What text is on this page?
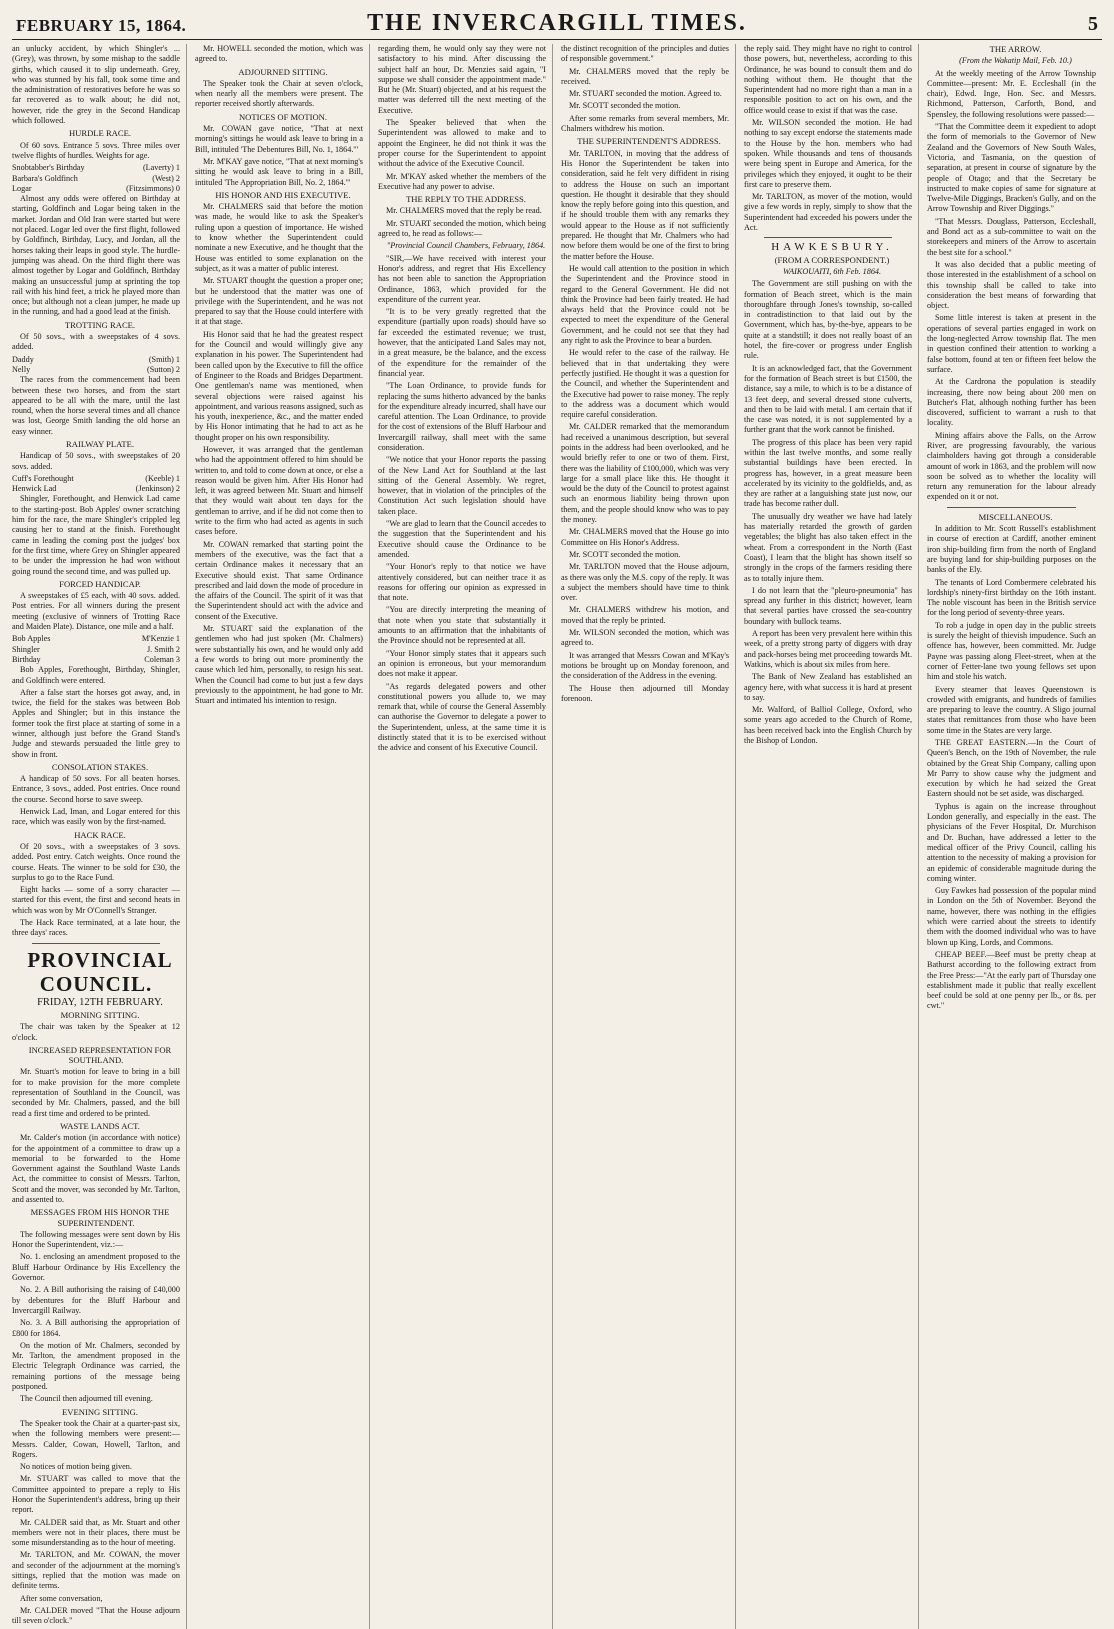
FEBRUARY 15, 1864.	THE INVERCARGILL TIMES.	5

an unlucky accident, by which Shingler's ... (Grey), was thrown, by some mishap to the saddle girths, which caused it to slip underneath. Grey, who was stunned by his fall, took some time and the administration of restoratives before he was so far recovered as to walk about; he did not, however, ride the grey in the Second Handicap which followed.

HURDLE RACE.

Of 60 sovs. Entrance 5 sovs. Three miles over twelve flights of hurdles. Weights for age.

Snobtabber's Birthday	(Laverty) 1
Barbara's Goldfinch	(West) 2
Logar	(Fitzsimmons) 0

Almost any odds were offered on Birthday at starting, Goldfinch and Logar being taken in the market. Jordan and Old Iran were started but were not placed. Logar led over the first flight, followed by Goldfinch, Birthday, Lucy, and Jordan, all the horses taking their leaps in good style. The hurdle-jumping was ahead. On the third flight there was almost together by Logar and Goldfinch, Birthday making an unsuccessful jump at sprinting the top rail with his hind feet, a trick he played more than once; but although not a clean jumper, he made up in the running, and had a good lead at the finish.

TROTTING RACE.

Of 50 sovs., with a sweepstakes of 4 sovs. added.

Daddy	(Smith) 1
Nelly	(Sutton) 2

The races from the commencement had been between these two horses, and from the start appeared to be all with the mare, until the last round, when the horse several times and all chance was lost, George Smith landing the old horse an easy winner.

RAILWAY PLATE.

Handicap of 50 sovs., with sweepstakes of 20 sovs. added.

Cuff's Forethought	(Keeble) 1
Henwick Lad	(Jenkinson) 2

Shingler, Forethought, and Henwick Lad came to the starting-post. Bob Apples' owner scratching him for the race, the mare Shingler's crippled leg causing her to stand at the finish. Forethought came in leading the coming post the judges' box for the first time, where Grey on Shingler appeared to be under the impression he had won without going round the second time, and was pulled up.

FORCED HANDICAP.

A sweepstakes of £5 each, with 40 sovs. added. Post entries. For all winners during the present meeting (exclusive of winners of Trotting Race and Maiden Plate). Distance, one mile and a half.

Bob Apples	M'Kenzie 1
Shingler	J. Smith 2
Birthday	Coleman 3

Bob Apples, Forethought, Birthday, Shingler, and Goldfinch were entered.

After a false start the horses got away, and, in twice, the field for the stakes was between Bob Apples and Shingler; but in this instance the former took the first place at starting of some in a winner, although just before the Grand Stand's Judge and stewards persuaded the little grey to show in front.

CONSOLATION STAKES.

A handicap of 50 sovs. For all beaten horses. Entrance, 3 sovs., added. Post entries. Once round the course. Second horse to save sweep.

Henwick Lad, Iman, and Logar entered for this race, which was easily won by the first-named.

HACK RACE.

Of 20 sovs., with a sweepstakes of 3 sovs. added. Post entry. Catch weights. Once round the course. Heats. The winner to be sold for £30, the surplus to go to the Race Fund.

Eight hacks — some of a sorry character — started for this event, the first and second heats in which was won by Mr O'Connell's Stranger.

The Hack Race terminated, at a late hour, the three days' races.

PROVINCIAL COUNCIL.

FRIDAY, 12TH FEBRUARY.

MORNING SITTING.

The chair was taken by the Speaker at 12 o'clock.

INCREASED REPRESENTATION FOR SOUTHLAND.

Mr. Stuart's motion for leave to bring in a bill for to make provision for the more complete representation of Southland in the Council, was seconded by Mr. Chalmers, passed, and the bill read a first time and ordered to be printed.

WASTE LANDS ACT.

Mr. Calder's motion (in accordance with notice) for the appointment of a committee to draw up a memorial to be forwarded to the Home Government against the Southland Waste Lands Act, the committee to consist of Messrs. Tarlton, Scott and the mover, was seconded by Mr. Tarlton, and assented to.

MESSAGES FROM HIS HONOR THE SUPERINTENDENT.

The following messages were sent down by His Honor the Superintendent, viz.:—

No. 1. enclosing an amendment proposed to the Bluff Harbour Ordinance by His Excellency the Governor.

No. 2. A Bill authorising the raising of £40,000 by debentures for the Bluff Harbour and Invercargill Railway.

No. 3. A Bill authorising the appropriation of £800 for 1864.

On the motion of Mr. Chalmers, seconded by Mr. Tarlton, the amendment proposed in the Electric Telegraph Ordinance was carried, the remaining portions of the message being postponed.

The Council then adjourned till evening.

EVENING SITTING.

The Speaker took the Chair at a quarter-past six, when the following members were present:— Messrs. Calder, Cowan, Howell, Tarlton, and Rogers.

No notices of motion being given.

Mr. STUART was called to move that the Committee appointed to prepare a reply to His Honor the Superintendent's address, bring up their report.

Mr. CALDER said that, as Mr. Stuart and other members were not in their places, there must be some misunderstanding as to the hour of meeting.

Mr. TARLTON, and Mr. COWAN, the mover and seconder of the adjournment at the morning's sittings, replied that the motion was made on definite terms.

After some conversation,

Mr. CALDER moved "That the House adjourn till seven o'clock."

Mr. HOWELL seconded the motion, which was agreed to.

ADJOURNED SITTING.

The Speaker took the Chair at seven o'clock, when nearly all the members were present. The reporter received shortly afterwards.

NOTICES OF MOTION.

Mr. COWAN gave notice, "That at next morning's sittings he would ask leave to bring in a Bill, intituled 'The Debentures Bill, No. 1, 1864.'"

Mr. M'KAY gave notice, "That at next morning's sitting he would ask leave to bring in a Bill, intituled 'The Appropriation Bill, No. 2, 1864.'"

HIS HONOR AND HIS EXECUTIVE.

Mr. CHALMERS said that before the motion was made, he would like to ask the Speaker's ruling upon a question of importance. He wished to know whether the Superintendent could nominate a new Executive, and he thought that the House was entitled to some explanation on the subject, as it was a matter of public interest.

Mr. STUART thought the question a proper one; but he understood that the matter was one of privilege with the Superintendent, and he was not prepared to say that the House could interfere with it at that stage.

His Honor said that he had the greatest respect for the Council and would willingly give any explanation in his power. The Superintendent had been called upon by the Executive to fill the office of Engineer to the Roads and Bridges Department. One gentleman's name was mentioned, when several objections were raised against his appointment, and various reasons assigned, such as his youth, inexperience, &c., and the matter ended by His Honor intimating that he had to act as he thought proper on his own responsibility.

However, it was arranged that the gentleman who had the appointment offered to him should be written to, and told to come down at once, or else a reason would be given him. After His Honor had left, it was agreed between Mr. Stuart and himself that they would wait about ten days for the gentleman to arrive, and if he did not come then to write to the firm who had acted as agents in such cases before.

Mr. COWAN remarked that starting point the members of the executive, was the fact that a certain Ordinance makes it necessary that an Executive should exist. That same Ordinance prescribed and laid down the mode of procedure in the affairs of the Council. The spirit of it was that the Superintendent should act with the advice and consent of the Executive.

Mr. STUART said the explanation of the gentlemen who had just spoken (Mr. Chalmers) were substantially his own, and he would only add a few words to bring out more prominently the cause which led him, personally, to resign his seat. When the Council had come to but just a few days previously to the appointment, he had gone to Mr. Stuart and intimated his intention to resign.

regarding them, he would only say they were not satisfactory to his mind. After discussing the subject half an hour, Dr. Menzies said again, "I suppose we shall consider the appointment made." But he (Mr. Stuart) objected, and at his request the matter was deferred till the next meeting of the Executive.

The Speaker believed that when the Superintendent was allowed to make and to appoint the Engineer, he did not think it was the proper course for the Superintendent to appoint without the advice of the Executive Council.

Mr. M'KAY asked whether the members of the Executive had any power to advise.

THE REPLY TO THE ADDRESS.

Mr. CHALMERS moved that the reply be read.

Mr. STUART seconded the motion, which being agreed to, he read as follows:—

"Provincial Council Chambers, February, 1864.

"SIR,—We have received with interest your Honor's address, and regret that His Excellency has not been able to sanction the Appropriation Ordinance, 1863, which provided for the expenditure of the current year.

"It is to be very greatly regretted that the expenditure (partially upon roads) should have so far exceeded the estimated revenue; we trust, however, that the anticipated Land Sales may not, in a great measure, be the balance, and the excess of the expenditure for the remainder of the financial year.

"The Loan Ordinance, to provide funds for replacing the sums hitherto advanced by the banks for the expenditure already incurred, shall have our careful attention. The Loan Ordinance, to provide for the cost of extensions of the Bluff Harbour and Invercargill railway, shall meet with the same consideration.

"We notice that your Honor reports the passing of the New Land Act for Southland at the last sitting of the General Assembly. We regret, however, that in violation of the principles of the Constitution Act such legislation should have taken place.

"We are glad to learn that the Council accedes to the suggestion that the Superintendent and his Executive should cause the Ordinance to be amended.

"Your Honor's reply to that notice we have attentively considered, but can neither trace it as reasons for offering our opinion as expressed in that note.

"You are directly interpreting the meaning of that note when you state that substantially it amounts to an affirmation that the inhabitants of the Province should not be represented at all.

"Your Honor simply states that it appears such an opinion is erroneous, but your memorandum does not make it appear.

"As regards delegated powers and other constitutional powers you allude to, we may remark that, while of course the General Assembly can authorise the Governor to delegate a power to the Superintendent, unless, at the same time it is distinctly stated that it is to be exercised without the advice and consent of his Executive Council.

the distinct recognition of the principles and duties of responsible government."

Mr. CHALMERS moved that the reply be received.

Mr. STUART seconded the motion. Agreed to.

Mr. SCOTT seconded the motion.

After some remarks from several members, Mr. Chalmers withdrew his motion.

THE SUPERINTENDENT'S ADDRESS.

Mr. TARLTON, in moving that the address of His Honor the Superintendent be taken into consideration, said he felt very diffident in rising to address the House on such an important question. He thought it desirable that they should know the reply before going into this question, and if he should trouble them with any remarks they would appear to the House as if not sufficiently prepared. He thought that Mr. Chalmers who had now before them would be one of the first to bring the matter before the House.

He would call attention to the position in which the Superintendent and the Province stood in regard to the General Government. He did not think the Province had been fairly treated. He had always held that the Province could not be expected to meet the expenditure of the General Government, and he could not see that they had any right to ask the Province to bear a burden.

He would refer to the case of the railway. He believed that in that undertaking they were perfectly justified. He thought it was a question for the Council, and whether the Superintendent and the Executive had power to raise money. The reply to the address was a document which would require careful consideration.

Mr. CALDER remarked that the memorandum had received a unanimous description, but several points in the address had been overlooked, and he would briefly refer to one or two of them. First, there was the liability of £100,000, which was very large for a small place like this. He thought it would be the duty of the Council to protest against such an enormous liability being thrown upon them, and the people should know who was to pay the money.

Mr. CHALMERS moved that the House go into Committee on His Honor's Address.

Mr. SCOTT seconded the motion.

Mr. TARLTON moved that the House adjourn, as there was only the M.S. copy of the reply. It was a subject the members should have time to think over.

Mr. CHALMERS withdrew his motion, and moved that the reply be printed.

Mr. WILSON seconded the motion, which was agreed to.

It was arranged that Messrs Cowan and M'Kay's motions be brought up on Monday forenoon, and the consideration of the Address in the evening.

The House then adjourned till Monday forenoon.

the reply said. They might have no right to control those powers, but, nevertheless, according to this Ordinance, he was bound to consult them and do nothing without them. He thought that the Superintendent had no more right than a man in a responsible position to act on his own, and the office would cease to exist if that was the case.

Mr. WILSON seconded the motion. He had nothing to say except endorse the statements made to the House by the hon. members who had spoken. While thousands and tens of thousands were being spent in Europe and America, for the privileges which they enjoyed, it ought to be their first care to preserve them.

Mr. TARLTON, as mover of the motion, would give a few words in reply, simply to show that the Superintendent had exceeded his powers under the Act.

HAWKESBURY.

(FROM A CORRESPONDENT.)

WAIKOUAITI, 6th Feb. 1864.

The Government are still pushing on with the formation of Beach street, which is the main thoroughfare through Jones's township, so-called in contradistinction to that laid out by the Government, which has, by-the-bye, appears to be quite at a standstill; it does not really boast of an hotel, the fire-cover or progress under English rule.

It is an acknowledged fact, that the Government for the formation of Beach street is but £1500, the distance, say a mile, to which is to be a distance of 13 feet deep, and several dressed stone culverts, and then to be laid with metal. I am certain that if the case was noted, it is not supplemented by a further grant that the work cannot be finished.

The progress of this place has been very rapid within the last twelve months, and some really substantial buildings have been erected. In progress has, however, in a great measure been accelerated by its vicinity to the goldfields, and, as they are rather at a languishing state just now, our trade has become rather dull.

The unusually dry weather we have had lately has materially retarded the growth of garden vegetables; the blight has also taken effect in the wheat. From a correspondent in the North (East Coast), I learn that the blight has shown itself so strongly in the crops of the farmers residing there as to totally injure them.

I do not learn that the "pleuro-pneumonia" has spread any further in this district; however, learn that several parties have crossed the sea-country boundary with bullock teams.

A report has been very prevalent here within this week, of a pretty strong party of diggers with dray and pack-horses being met proceeding towards Mt. Watkins, which is about six miles from here.

The Bank of New Zealand has established an agency here, with what success it is hard at present to say.

Mr. Walford, of Balliol College, Oxford, who some years ago acceded to the Church of Rome, has been received back into the English Church by the Bishop of London.

THE ARROW.

(From the Wakatip Mail, Feb. 10.)

At the weekly meeting of the Arrow Township Committee—present: Mr. E. Eccleshall (in the chair), Edwd. Inge, Hon. Sec. and Messrs. Richmond, Patterson, Carforth, Bond, and Spensley, the following resolutions were passed:—

"That the Committee deem it expedient to adopt the form of memorials to the Governor of New Zealand and the Governors of New South Wales, Victoria, and Tasmania, on the question of separation, at present in course of signature by the people of Otago; and that the Secretary be instructed to make copies of same for signature at Twelve-Mile Diggings, Bracken's Gully, and on the Arrow Township and River Diggings."

"That Messrs. Douglass, Patterson, Eccleshall, and Bond act as a sub-committee to wait on the storekeepers and miners of the Arrow to ascertain the best site for a school."

It was also decided that a public meeting of those interested in the establishment of a school on this township shall be called to take into consideration the best means of forwarding that object.

Some little interest is taken at present in the operations of several parties engaged in work on the long-neglected Arrow township flat. The men in question confined their attention to working a false bottom, found at ten or fifteen feet below the surface.

At the Cardrona the population is steadily increasing, there now being about 200 men on Butcher's Flat, although nothing further has been discovered, sufficient to warrant a rush to that locality.

Mining affairs above the Falls, on the Arrow River, are progressing favourably, the various claimholders having got through a considerable amount of work in 1863, and the problem will now soon be solved as to whether the locality will return any remuneration for the labour already expended on it or not.

MISCELLANEOUS.

In addition to Mr. Scott Russell's establishment in course of erection at Cardiff, another eminent iron ship-building firm from the north of England are buying land for ship-building purposes on the banks of the Ely.

The tenants of Lord Combermere celebrated his lordship's ninety-first birthday on the 16th instant. The noble viscount has been in the British service for the long period of seventy-three years.

To rob a judge in open day in the public streets is surely the height of thievish impudence. Such an offence has, however, been committed. Mr. Judge Payne was passing along Fleet-street, when at the corner of Fetter-lane two young fellows set upon him and stole his watch.

Every steamer that leaves Queenstown is crowded with emigrants, and hundreds of families are preparing to leave the country. A Sligo journal states that remittances from those who have been some time in the States are very large.

THE GREAT EASTERN.—In the Court of Queen's Bench, on the 19th of November, the rule obtained by the Great Ship Company, calling upon Mr Parry to show cause why the judgment and execution by which he had seized the Great Eastern should not be set aside, was discharged.

Typhus is again on the increase throughout London generally, and especially in the east. The physicians of the Fever Hospital, Dr. Murchison and Dr. Buchan, have addressed a letter to the medical officer of the Privy Council, calling his attention to the necessity of making a provision for an epidemic of considerable magnitude during the coming winter.

Guy Fawkes had possession of the popular mind in London on the 5th of November. Beyond the name, however, there was nothing in the effigies which were carried about the streets to identify them with the doomed individual who was to have blown up King, Lords, and Commons.

CHEAP BEEF.—Beef must be pretty cheap at Bathurst according to the following extract from the Free Press:—"At the early part of Thursday one establishment made it public that really excellent beef could be sold at one penny per lb., or 8s. per cwt."
